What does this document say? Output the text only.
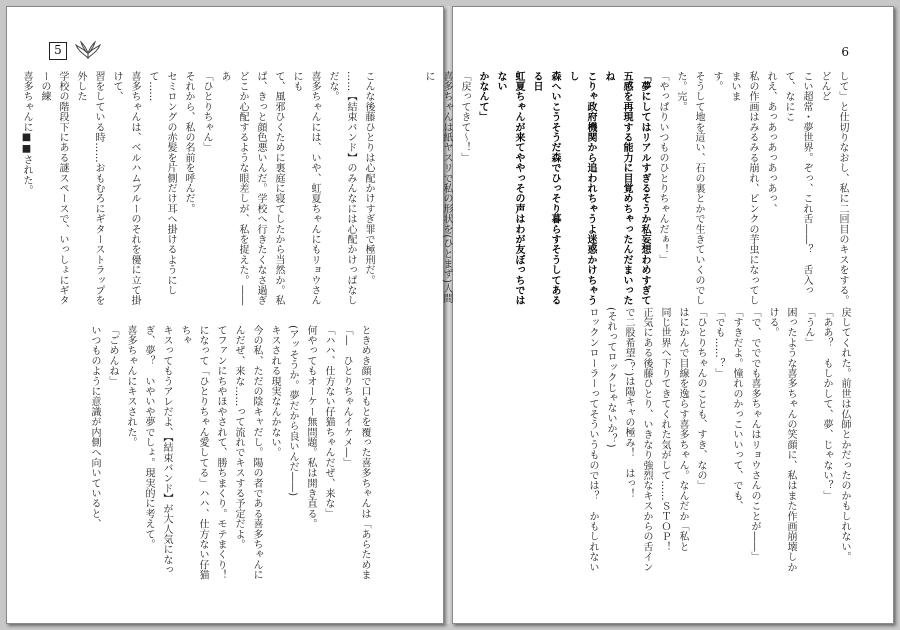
5

こんな後藤ひとりは心配かけすぎ罪で極刑だ。

……【結束バンド】のみんなには心配かけっぱなしだな。

喜多ちゃんには、いや、虹夏ちゃんにもリョウさんにも

て、風邪ひくために裏庭に寝てしたから当然か。私

ぱ、きっと顔色悪いんだ。学校へ行きたくなさ過ぎ

どこか心配するような眼差しが、私を捉えた。――あ

「ひとりちゃん」

それから、私の名前を呼んだ。

セミロングの赤髪を片側だけ耳へ掛けるようにして……

喜多ちゃんは、ベルハムブルーのそれを優に立て掛けて、

習をしている時……おもむろにギターストラップを外した

学校の階段下にある謎スペースで、いっしょにギターの練

喜多ちゃんに■■された。

ときめき顔で口もとを覆った喜多ちゃんは「あらためま

「―　ひとりちゃんイケメ―」

「ハハ、仕方ない仔猫ちゃんだぜ、来な」

何やってもオーケー無問題。私は開き直る。

(アッそうか。夢だから良いんだ――)

キスされる現実なんかない。

今の私、ただの陰キャだし。陽の者である喜多ちゃんに

んだぜ、来な……って流れでキスする予定だよ。

てファンにちやほやされて、勝ちまくり。モテまくり！

になって「ひとりちゃん愛してる」ハハ、仕方ない仔猫ちゃ

キスってもうアレだよ、【結束バンド】が大人気になっ

ぎ、夢？　いやいや夢でしょ。現実的に考えて。

喜多ちゃんにキスされた。

「ごめんね」

いつものように意識が内側へ向いていると、

6

して」と仕切りなおし、私に二回目のキスをする。どんど

こい超常・夢世界。ぞっ、これ舌――？　舌入って、なにこ

れえ、あっあっあっあっあっ、

私の作画はみるみる崩れ、ピンクの芋虫になってしまいま

す。

そうして地を這い、石の裏とかで生きていくのでした。完。

「やっぱりいつものひとりちゃんだぁ！」

「夢にしてはリアルすぎるそうか私妄想わめすぎて

五感を再現する能力に目覚めちゃったんだまいったね

こりゃ政府機関から追われちゃうよ迷惑かけちゃうし

森へいこうそうだ森でひっそり暮らすそうしてあるる日

虹夏ちゃんが来てややっその声はわが友ぼっちではない

かなんて」

「戻ってきて〜！」

喜多ちゃんは紙ヤスリで私の形状を(ひとまず)人間に

戻してくれた。前世は仏師とかだったのかもしれない。

「ああ？　もしかして、夢、じゃない？」

「うん」

困ったような喜多ちゃんの笑顔に、私はまた作画崩壊しか

ける。

「で、でででも喜多ちゃんはリョウさんのことが――」

「すきだよ。憧れのかっこいいって、でも、

「でも……？」

「ひとりちゃんのことも、すき、なの」

はにかんで目線を逸らす喜多ちゃん。なんだか「私と

同じ世界へ下りてきてくれた気がして……ＳＴＯＰ！

正気にある後藤ひとり、いきなり強烈なキスからの舌イン

で二股希望(？)は陽キャの極み！　はっ！

(それってロックじゃないか？)

ロックンローラーってそういうものでは？　かもしれない
